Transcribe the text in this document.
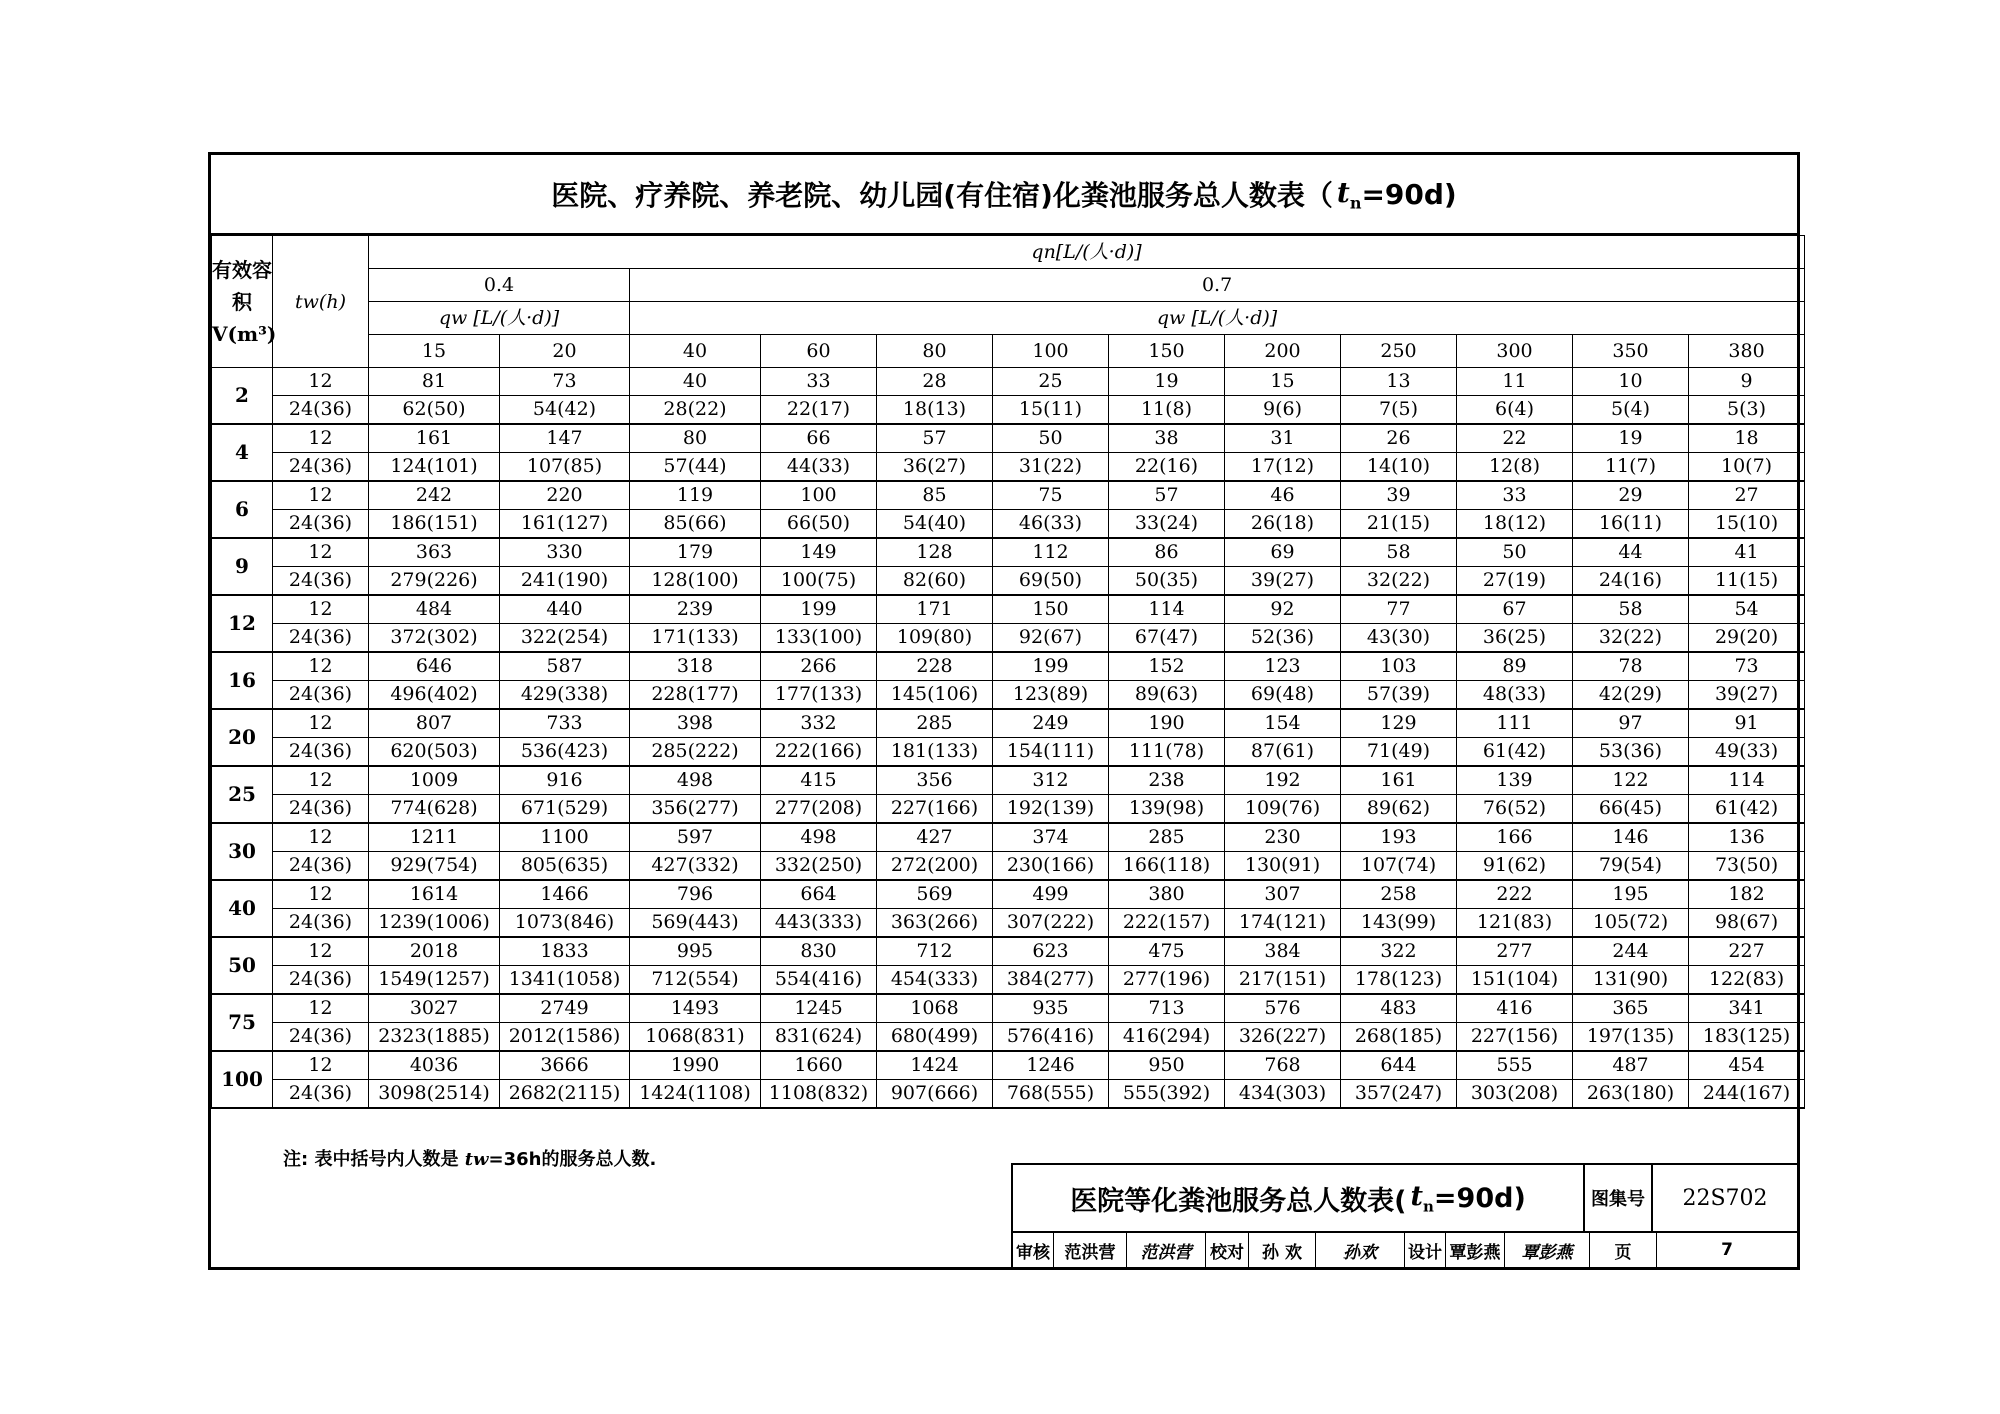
医院、疗养院、养老院、幼儿园(有住宿)化粪池服务总人数表（ $t_n =90d$)
有效容积V(m³)	tw(h)	qn[L/(人·d)]											
		0.4		0.7									
		qw [L/(人·d)]		qw [L/(人·d)]									
		15	20	40	60	80	100	150	200	250	300	350	380
2	12	81	73	40	33	28	25	19	15	13	11	10	9
	24(36)	62(50)	54(42)	28(22)	22(17)	18(13)	15(11)	11(8)	9(6)	7(5)	6(4)	5(4)	5(3)
4	12	161	147	80	66	57	50	38	31	26	22	19	18
	24(36)	124(101)	107(85)	57(44)	44(33)	36(27)	31(22)	22(16)	17(12)	14(10)	12(8)	11(7)	10(7)
6	12	242	220	119	100	85	75	57	46	39	33	29	27
	24(36)	186(151)	161(127)	85(66)	66(50)	54(40)	46(33)	33(24)	26(18)	21(15)	18(12)	16(11)	15(10)
9	12	363	330	179	149	128	112	86	69	58	50	44	41
	24(36)	279(226)	241(190)	128(100)	100(75)	82(60)	69(50)	50(35)	39(27)	32(22)	27(19)	24(16)	11(15)
12	12	484	440	239	199	171	150	114	92	77	67	58	54
	24(36)	372(302)	322(254)	171(133)	133(100)	109(80)	92(67)	67(47)	52(36)	43(30)	36(25)	32(22)	29(20)
16	12	646	587	318	266	228	199	152	123	103	89	78	73
	24(36)	496(402)	429(338)	228(177)	177(133)	145(106)	123(89)	89(63)	69(48)	57(39)	48(33)	42(29)	39(27)
20	12	807	733	398	332	285	249	190	154	129	111	97	91
	24(36)	620(503)	536(423)	285(222)	222(166)	181(133)	154(111)	111(78)	87(61)	71(49)	61(42)	53(36)	49(33)
25	12	1009	916	498	415	356	312	238	192	161	139	122	114
	24(36)	774(628)	671(529)	356(277)	277(208)	227(166)	192(139)	139(98)	109(76)	89(62)	76(52)	66(45)	61(42)
30	12	1211	1100	597	498	427	374	285	230	193	166	146	136
	24(36)	929(754)	805(635)	427(332)	332(250)	272(200)	230(166)	166(118)	130(91)	107(74)	91(62)	79(54)	73(50)
40	12	1614	1466	796	664	569	499	380	307	258	222	195	182
	24(36)	1239(1006)	1073(846)	569(443)	443(333)	363(266)	307(222)	222(157)	174(121)	143(99)	121(83)	105(72)	98(67)
50	12	2018	1833	995	830	712	623	475	384	322	277	244	227
	24(36)	1549(1257)	1341(1058)	712(554)	554(416)	454(333)	384(277)	277(196)	217(151)	178(123)	151(104)	131(90)	122(83)
75	12	3027	2749	1493	1245	1068	935	713	576	483	416	365	341
	24(36)	2323(1885)	2012(1586)	1068(831)	831(624)	680(499)	576(416)	416(294)	326(227)	268(185)	227(156)	197(135)	183(125)
100	12	4036	3666	1990	1660	1424	1246	950	768	644	555	487	454
	24(36)	3098(2514)	2682(2115)	1424(1108)	1108(832)	907(666)	768(555)	555(392)	434(303)	357(247)	303(208)	263(180)	244(167)
注: 表中括号内人数是 tw=36h的服务总人数.
医院等化粪池服务总人数表( $t_n =90d$)	图集号	22S702
审核 范洪营	范洪营	校对	孙 欢	孙欢	设计 覃彭燕	覃彭燕	页	7
